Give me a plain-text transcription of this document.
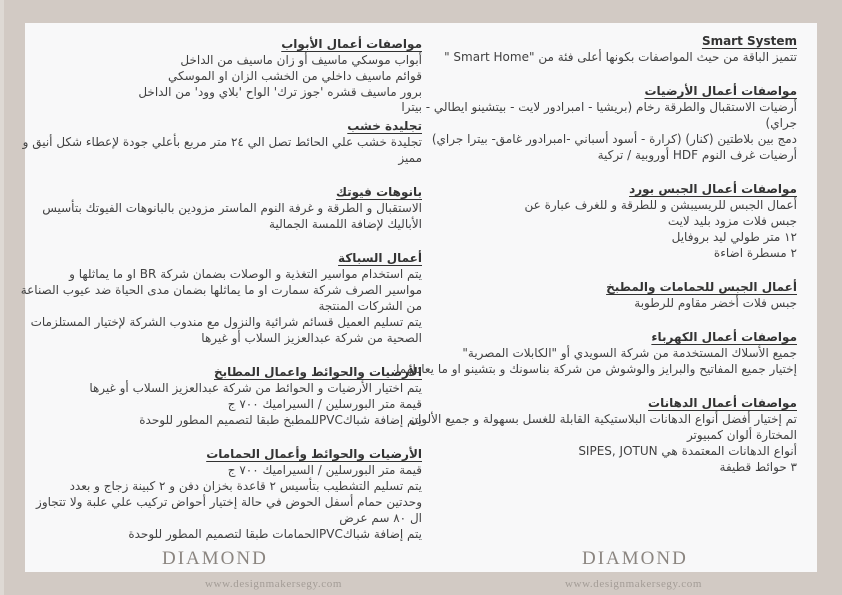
مواصفات أعمال الأبواب
أبواب موسكي ماسيف أو زان ماسيف من الداخل
قوائم ماسيف داخلي من الخشب الزان او الموسكي
برور ماسيف قشره 'جوز ترك' الواح 'بلاي وود' من الداخل
تجليدة خشب
تجليدة خشب علي الحائط تصل الي ٢٤ متر مربع بأعلي جودة لإعطاء شكل أنيق و
مميز
بانوهات فيوتك
الاستقبال و الطرقة و غرفة النوم الماستر مزودين بالبانوهات الفيوتك بتأسيس
الأباليك لإضافة اللمسة الجمالية
أعمال السباكة
يتم استخدام مواسير التغذية و الوصلات بضمان شركة BR او ما يماثلها و
مواسير الصرف شركة سمارت او ما يماثلها بضمان مدى الحياة ضد عيوب الصناعة
من الشركات المنتجة
يتم تسليم العميل قسائم شرائية والنزول مع مندوب الشركة لإختيار المستلزمات
الصحية من شركة عبدالعزيز السلاب أو غيرها
الأرضيات والحوائط واعمال المطابخ
يتم اختيار الأرضيات و الحوائط من شركة عبدالعزيز السلاب أو غيرها
قيمة متر البورسلين / السيراميك ٧٠٠ ج
يتم إضافة شباكPVCللمطبخ طبقا لتصميم المطور للوحدة
الأرضيات والحوائط وأعمال الحمامات
قيمة متر البورسلين / السيراميك ٧٠٠ ج
يتم تسليم التشطيب بتأسيس ٢ قاعدة بخزان دفن و ٢ كبينة زجاج و بعدد
وحدتين حمام أسفل الحوض في حالة إختيار أحواض تركيب علي علبة ولا تتجاوز
ال ٨٠ سم عرض
يتم إضافة شباكPVCالحمامات طبقا لتصميم المطور للوحدة
Smart System
تتميز الباقة من حيث المواصفات بكونها أعلى فئة من "Smart Home "
مواصفات أعمال الأرضيات
أرضيات الاستقبال والطرقة رخام (بريشيا - امبرادور لايت - بيتشينو ايطالي - بيترا
جراي)
دمج بين بلاطتين (كنار) (كرارة - أسود أسباني -امبرادور غامق- بيترا جراي)
أرضيات غرف النوم HDF أوروبية / تركية
مواصفات أعمال الجبس بورد
أعمال الجبس للريسيبشن و للطرقة و للغرف عبارة عن
جبس فلات مزود بليد لايت
١٢ متر طولي ليد بروفايل
٢ مسطرة اضاءة
أعمال الجبس للحمامات والمطبخ
جبس فلات أخضر مقاوم للرطوبة
مواصفات أعمال الكهرباء
جميع الأسلاك المستخدمة من شركة السويدي أو "الكابلات المصرية"
إختيار جميع المفاتيح والبرايز والوشوش من شركة بناسونك و بتشينو او ما يعادلهما
مواصفات أعمال الدهانات
تم إختيار أفضل أنواع الدهانات البلاستيكية القابلة للغسل بسهولة و جميع الألوان
المختارة ألوان كمبيوتر
أنواع الدهانات المعتمدة هي SIPES, JOTUN
٣ حوائط قطيفة
DIAMOND	DIAMOND
www.designmakersegy.com	www.designmakersegy.com
